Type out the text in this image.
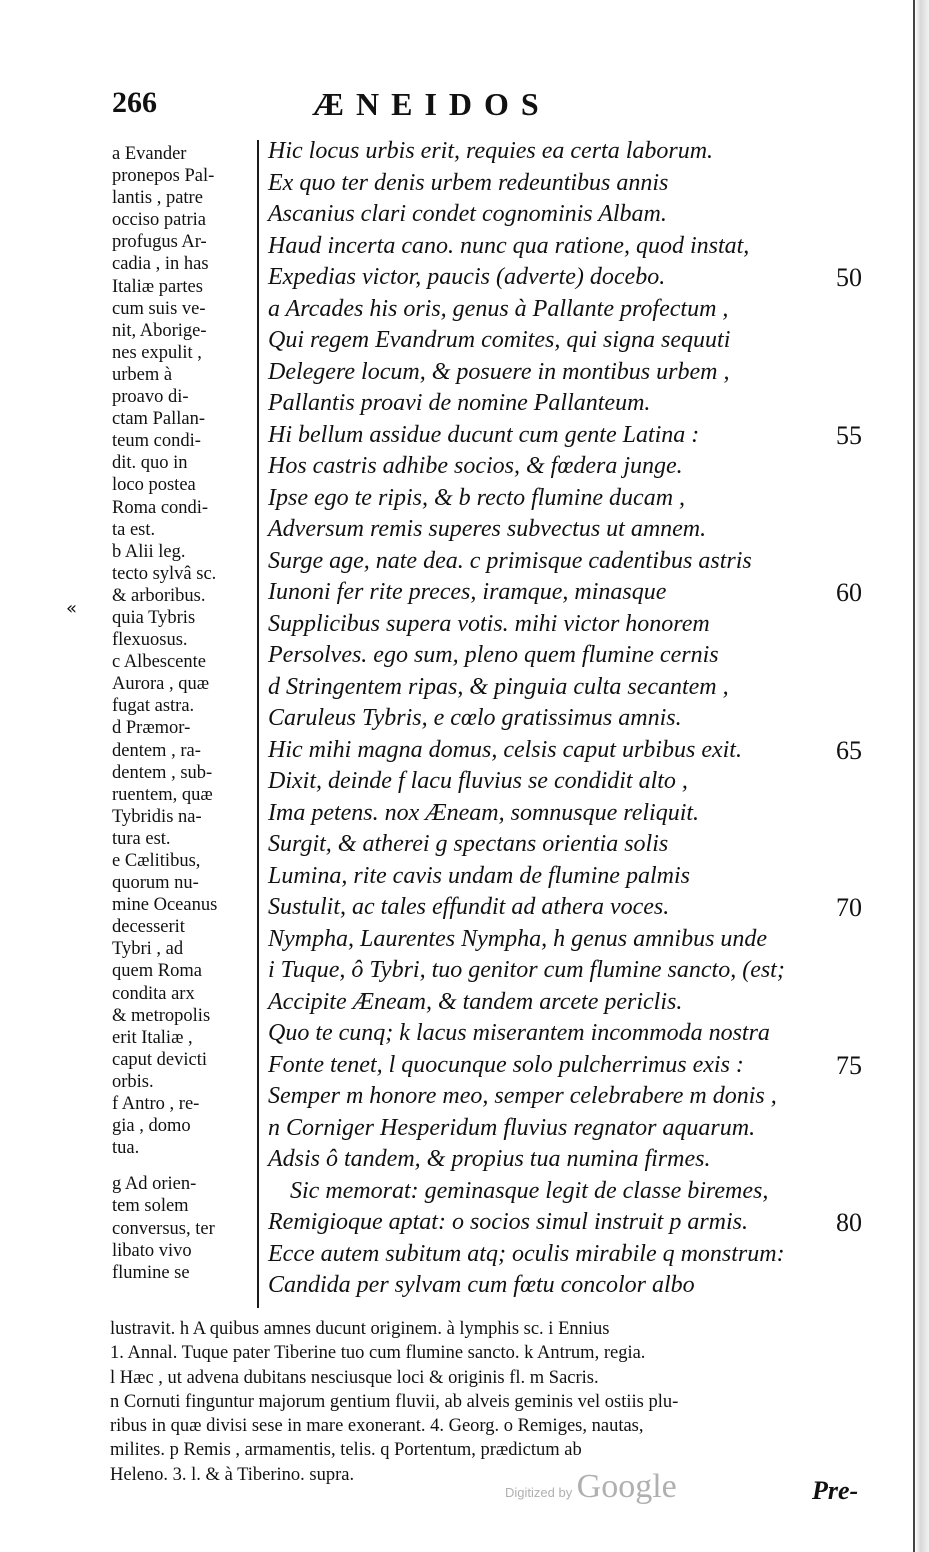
266	ÆNEIDOS
a Evander
pronepos Pal-
lantis , patre
occiso patria
profugus Ar-
cadia , in has
Italiæ partes
cum suis ve-
nit, Aborige-
nes expulit ,
urbem à
proavo di-
ctam Pallan-
teum condi-
dit. quo in
loco postea
Roma condi-
ta est.
b Alii leg.
tecto sylvâ sc.
& arboribus.
quia Tybris
flexuosus.
c Albescente
Aurora , quæ
fugat astra.
d Præmor-
dentem , ra-
dentem , sub-
ruentem, quæ
Tybridis na-
tura est.
e Cælitibus,
quorum nu-
mine Oceanus
decesserit
Tybri , ad
quem Roma
condita arx
& metropolis
erit Italiæ ,
caput devicti
orbis.
f Antro , re-
gia , domo
tua.
g Ad orien-
tem solem
conversus, ter
libato vivo
flumine se
Hic locus urbis erit, requies ea certa laborum.
Ex quo ter denis urbem redeuntibus annis
Ascanius clari condet cognominis Albam.
Haud incerta cano. nunc qua ratione, quod instat,
Expedias victor, paucis (adverte) docebo.	50
a Arcades his oris, genus à Pallante profectum ,
Qui regem Evandrum comites, qui signa sequuti
Delegere locum, & posuere in montibus urbem ,
Pallantis proavi de nomine Pallanteum.
Hi bellum assidue ducunt cum gente Latina :	55
Hos castris adhibe socios, & fœdera junge.
Ipse ego te ripis, & b recto flumine ducam ,
Adversum remis superes subvectus ut amnem.
Surge age, nate dea. c primisque cadentibus astris
Iunoni fer rite preces, iramque, minasque	60
Supplicibus supera votis. mihi victor honorem
Persolves. ego sum, pleno quem flumine cernis
d Stringentem ripas, & pinguia culta secantem ,
Caruleus Tybris, e cœlo gratissimus amnis.
Hic mihi magna domus, celsis caput urbibus exit.	65
Dixit, deinde f lacu fluvius se condidit alto ,
Ima petens. nox Æneam, somnusque reliquit.
Surgit, & atherei g spectans orientia solis
Lumina, rite cavis undam de flumine palmis
Sustulit, ac tales effundit ad athera voces.	70
Nympha, Laurentes Nympha, h genus amnibus unde
i Tuque, ô Tybri, tuo genitor cum flumine sancto, (est;
Accipite Æneam, & tandem arcete periclis.
Quo te cunq; k lacus miserantem incommoda nostra
Fonte tenet, l quocunque solo pulcherrimus exis :	75
Semper m honore meo, semper celebrabere m donis ,
n Corniger Hesperidum fluvius regnator aquarum.
Adsis ô tandem, & propius tua numina firmes.
Sic memorat: geminasque legit de classe biremes,
Remigioque aptat: o socios simul instruit p armis.	80
Ecce autem subitum atq; oculis mirabile q monstrum:
Candida per sylvam cum fœtu concolor albo
«
lustravit. h A quibus amnes ducunt originem. à lymphis sc. i Ennius
1. Annal. Tuque pater Tiberine tuo cum flumine sancto. k Antrum, regia.
l Hæc , ut advena dubitans nesciusque loci & originis fl. m Sacris.
n Cornuti finguntur majorum gentium fluvii, ab alveis geminis vel ostiis plu-
ribus in quæ divisi sese in mare exonerant. 4. Georg. o Remiges, nautas,
milites. p Remis , armamentis, telis. q Portentum, prædictum ab
Heleno. 3. l. & à Tiberino. supra.
Digitized by Google	Pre-
